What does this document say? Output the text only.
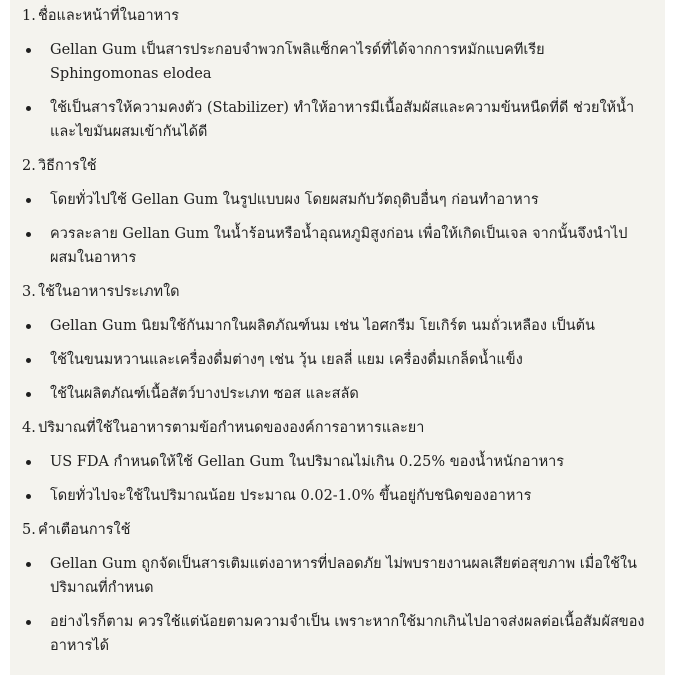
1. ชื่อและหน้าที่ในอาหาร
Gellan Gum เป็นสารประกอบจำพวกโพลิแซ็กคาไรด์ที่ได้จากการหมักแบคทีเรีย Sphingomonas elodea
ใช้เป็นสารให้ความคงตัว (Stabilizer) ทำให้อาหารมีเนื้อสัมผัสและความข้นหนืดที่ดี ช่วยให้น้ำและไขมันผสมเข้ากันได้ดี
2. วิธีการใช้
โดยทั่วไปใช้ Gellan Gum ในรูปแบบผง โดยผสมกับวัตถุดิบอื่นๆ ก่อนทำอาหาร
ควรละลาย Gellan Gum ในน้ำร้อนหรือน้ำอุณหภูมิสูงก่อน เพื่อให้เกิดเป็นเจล จากนั้นจึงนำไปผสมในอาหาร
3. ใช้ในอาหารประเภทใด
Gellan Gum นิยมใช้กันมากในผลิตภัณฑ์นม เช่น ไอศกรีม โยเกิร์ต นมถั่วเหลือง เป็นต้น
ใช้ในขนมหวานและเครื่องดื่มต่างๆ เช่น วุ้น เยลลี่ แยม เครื่องดื่มเกล็ดน้ำแข็ง
ใช้ในผลิตภัณฑ์เนื้อสัตว์บางประเภท ซอส และสลัด
4. ปริมาณที่ใช้ในอาหารตามข้อกำหนดขององค์การอาหารและยา
US FDA กำหนดให้ใช้ Gellan Gum ในปริมาณไม่เกิน 0.25% ของน้ำหนักอาหาร
โดยทั่วไปจะใช้ในปริมาณน้อย ประมาณ 0.02-1.0% ขึ้นอยู่กับชนิดของอาหาร
5. คำเตือนการใช้
Gellan Gum ถูกจัดเป็นสารเติมแต่งอาหารที่ปลอดภัย ไม่พบรายงานผลเสียต่อสุขภาพ เมื่อใช้ในปริมาณที่กำหนด
อย่างไรก็ตาม ควรใช้แต่น้อยตามความจำเป็น เพราะหากใช้มากเกินไปอาจส่งผลต่อเนื้อสัมผัสของอาหารได้
